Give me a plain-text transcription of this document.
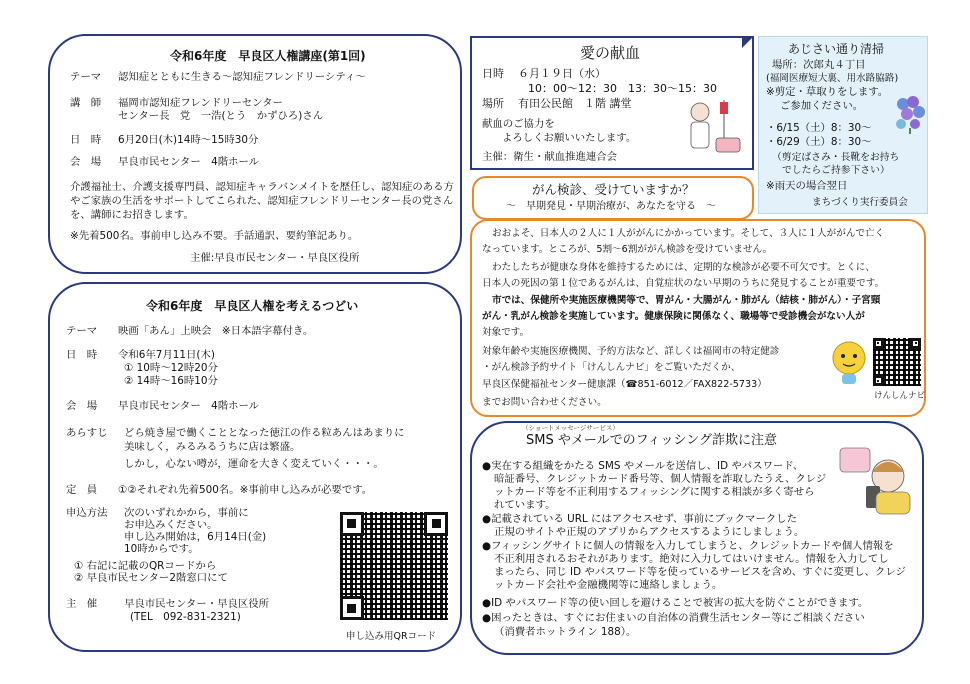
令和6年度　早良区人権講座(第1回)
テーマ 認知症とともに生きる～認知症フレンドリーシティ～
講　師 福岡市認知症フレンドリーセンター
センター長　党　一浩(とう　かずひろ)さん
日　時 6月20日(木)14時～15時30分
会　場 早良市民センター　4階ホール
介護福祉士、介護支援専門員、認知症キャラバンメイトを歴任し、認知症のある方
やご家族の生活をサポートしてこられた、認知症フレンドリーセンター長の党さん
を、講師にお招きします。
※先着500名。事前申し込み不要。手話通訳、要約筆記あり。
主催:早良市民センター・早良区役所
令和6年度　早良区人権を考えるつどい
テーマ 映画「あん」上映会　※日本語字幕付き。
日　時 令和6年7月11日(木)
① 10時～12時20分
② 14時～16時10分
会　場 早良市民センター　4階ホール
あらすじ どら焼き屋で働くこととなった徳江の作る粒あんはあまりに
美味しく，みるみるうちに店は繁盛。
しかし，心ない噂が，運命を大きく変えていく・・・。
定　員 ①②それぞれ先着500名。※事前申し込みが必要です。
申込方法 次のいずれかから，事前に
お申込みください。
申し込み開始は，6月14日(金)
10時からです。
① 右記に記載のQRコードから
② 早良市民センター2階窓口にて
主　催	早良市民センター・早良区役所
(TEL　092-831-2321)
申し込み用QRコード
愛の献血
日時 ６月１９日（水）
10：00～12：30　13：30～15：30
場所 有田公民館　１階 講堂
献血のご協力を
よろしくお願いいたします。
主催：衛生・献血推進連合会
あじさい通り清掃
場所：次郎丸４丁目
(福岡医療短大裏、用水路脇路)
※剪定・草取りをします。
ご参加ください。
・6/15（土）8：30～
・6/29（土）8：30～
（剪定ばさみ・長靴をお持ち
でしたらご持参下さい）
※雨天の場合翌日
まちづくり実行委員会
がん検診、受けていますか？
～　早期発見・早期治療が、あなたを守る　～
おおよそ、日本人の２人に１人ががんにかかっています。そして、３人に１人ががんで亡く
なっています。ところが、5割～6割ががん検診を受けていません。
わたしたちが健康な身体を維持するためには、定期的な検診が必要不可欠です。とくに、
日本人の死因の第１位であるがんは、自覚症状のない早期のうちに発見することが重要です。
市では、保健所や実施医療機関等で、胃がん・大腸がん・肺がん（結核・肺がん）・子宮頸
がん・乳がん検診を実施しています。健康保険に関係なく、職場等で受診機会がない人が
対象です。
対象年齢や実施医療機関、予約方法など、詳しくは福岡市の特定健診
・がん検診予約サイト「けんしんナビ」をご覧いただくか、
早良区保健福祉センター健康課（☎851-6012／FAX822-5733）
までお問い合わせください。
けんしんナビ
（ショートメッセージサービス）
SMS やメールでのフィッシング詐欺に注意
●実在する組織をかたる SMS やメールを送信し、ID やパスワード、
暗証番号、クレジットカード番号等、個人情報を詐取したうえ、クレジ
ットカード等を不正利用するフィッシングに関する相談が多く寄せら
れています。
●記載されている URL にはアクセスせず、事前にブックマークした
正規のサイトや正規のアプリからアクセスするようにしましょう。
●フィッシングサイトに個人の情報を入力してしまうと、クレジットカードや個人情報を
不正利用されるおそれがあります。絶対に入力してはいけません。情報を入力してし
まったら、同じ ID やパスワード等を使っているサービスを含め、すぐに変更し、クレジ
ットカード会社や金融機関等に連絡しましょう。
●ID やパスワード等の使い回しを避けることで被害の拡大を防ぐことができます。
●困ったときは、すぐにお住まいの自治体の消費生活センター等にご相談ください
（消費者ホットライン 188）。
